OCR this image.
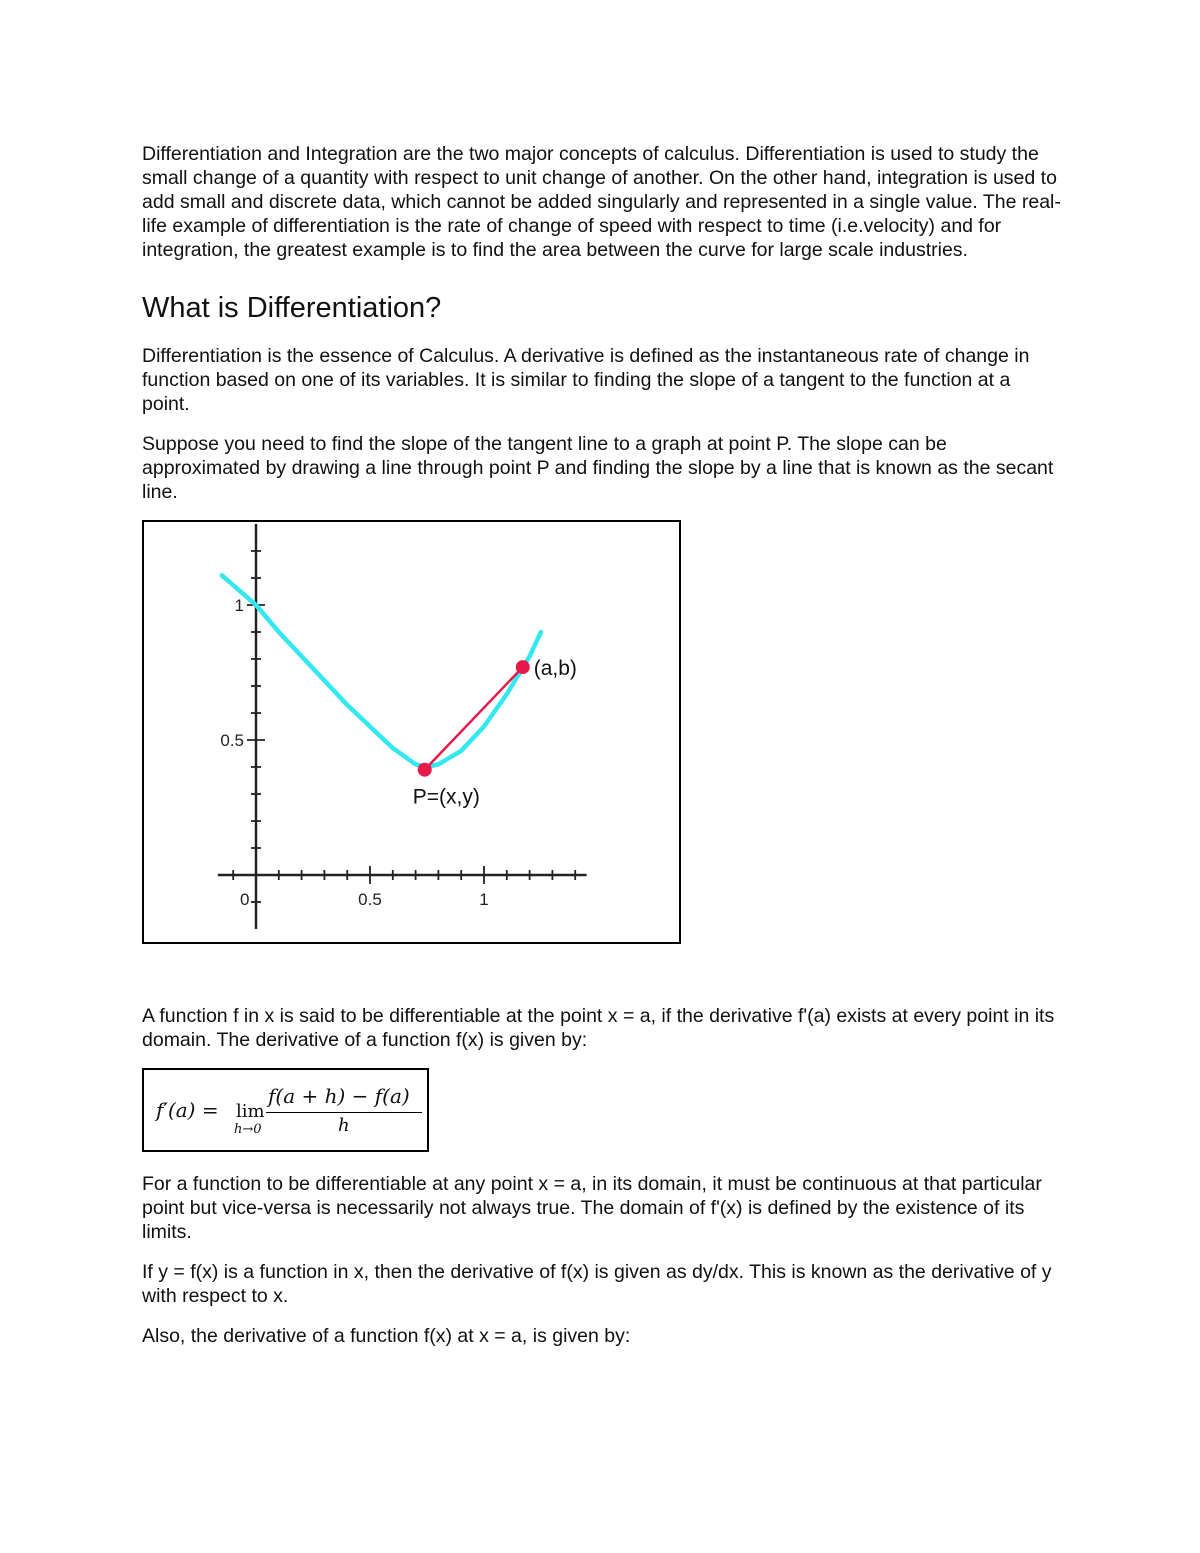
Differentiation and Integration are the two major concepts of calculus. Differentiation is used to study the small change of a quantity with respect to unit change of another. On the other hand, integration is used to add small and discrete data, which cannot be added singularly and represented in a single value. The real-life example of differentiation is the rate of change of speed with respect to time (i.e.velocity) and for integration, the greatest example is to find the area between the curve for large scale industries.

What is Differentiation?

Differentiation is the essence of Calculus. A derivative is defined as the instantaneous rate of change in function based on one of its variables. It is similar to finding the slope of a tangent to the function at a point.

Suppose you need to find the slope of the tangent line to a graph at point P. The slope can be approximated by drawing a line through point P and finding the slope by a line that is known as the secant line.

0	0.5	1
0.5
1
P=(x,y)
(a,b)

A function f in x is said to be differentiable at the point x = a, if the derivative f'(a) exists at every point in its domain. The derivative of a function f(x) is given by:

f′(a) = lim
h→0
f(a + h) − f(a)
h

For a function to be differentiable at any point x = a, in its domain, it must be continuous at that particular point but vice-versa is necessarily not always true. The domain of f'(x) is defined by the existence of its limits.

If y = f(x) is a function in x, then the derivative of f(x) is given as dy/dx. This is known as the derivative of y with respect to x.

Also, the derivative of a function f(x) at x = a, is given by:
